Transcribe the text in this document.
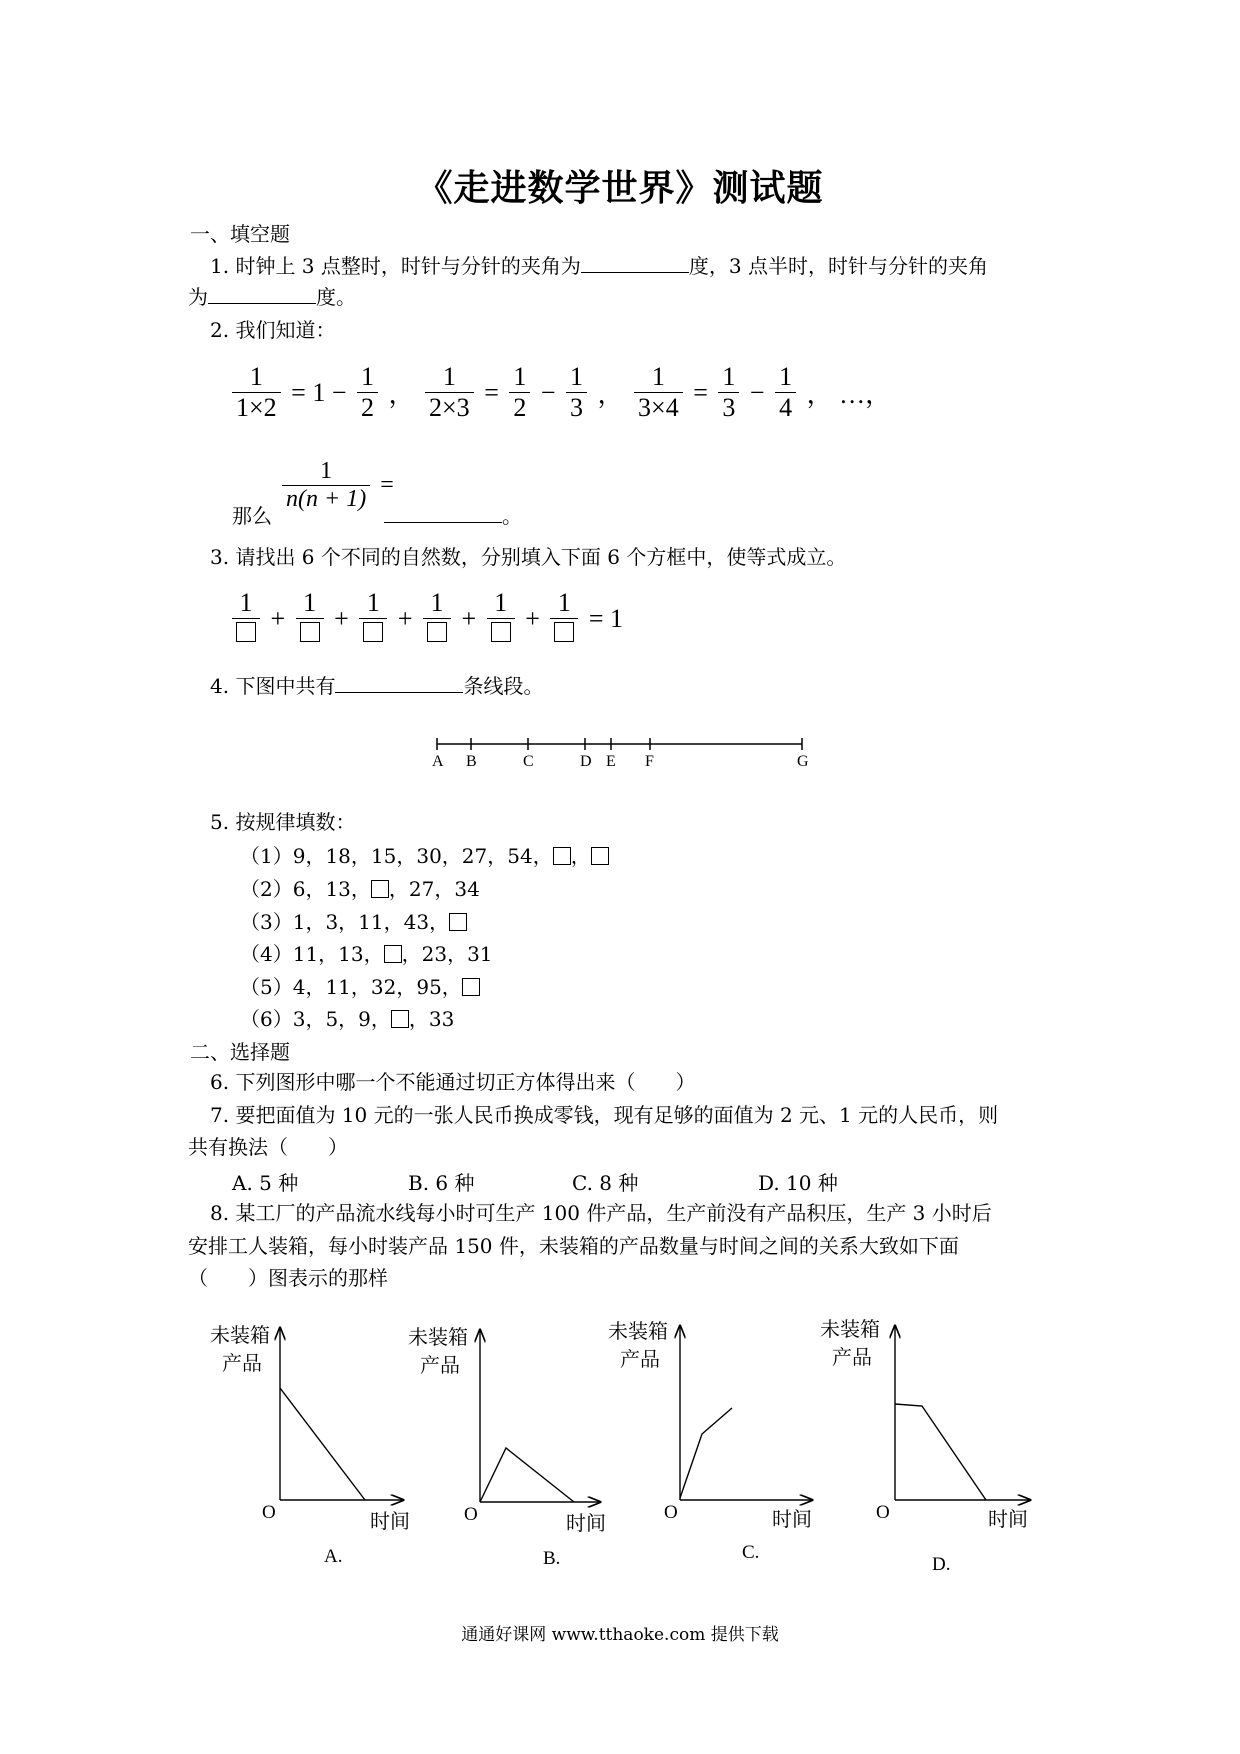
《走进数学世界》测试题
一、填空题
1. 时钟上 3 点整时，时针与分针的夹角为	度，3 点半时，时针与分针的夹角
为	度。
2. 我们知道：
$\frac{1}{1\times 2} = 1 - \frac{1}{2}$ ， $\frac{1}{2\times 3} = \frac{1}{2} - \frac{1}{3}$ ， $\frac{1}{3\times 4} = \frac{1}{3} - \frac{1}{4}$ ， …，
那么
$\frac{1}{n(n + 1)}$ =
。
3. 请找出 6 个不同的自然数，分别填入下面 6 个方框中，使等式成立。
1
+
1
+
1
+
1
+
1
+
1
= 1
4. 下图中共有	条线段。
A B	C	D E F	G
5. 按规律填数：
（1）9，18，15，30，27，54， ，
（2）6，13， ，27，34
（3）1，3，11，43，
（4）11，13， ，23，31
（5）4，11，32，95，
（6）3，5，9， ，33
二、选择题
6. 下列图形中哪一个不能通过切正方体得出来（　　）
7. 要把面值为 10 元的一张人民币换成零钱，现有足够的面值为 2 元、1 元的人民币，则
共有换法（　　）
A. 5 种	B. 6 种	C. 8 种	D. 10 种
8. 某工厂的产品流水线每小时可生产 100 件产品，生产前没有产品积压，生产 3 小时后
安排工人装箱，每小时装产品 150 件，未装箱的产品数量与时间之间的关系大致如下面
（　　）图表示的那样
未装箱
产品
O	时间
A.
未装箱
产品
O	时间
B.
未装箱
产品
O	时间
C.
未装箱
产品
O	时间
D.
通通好课网 www.tthaoke.com 提供下载
